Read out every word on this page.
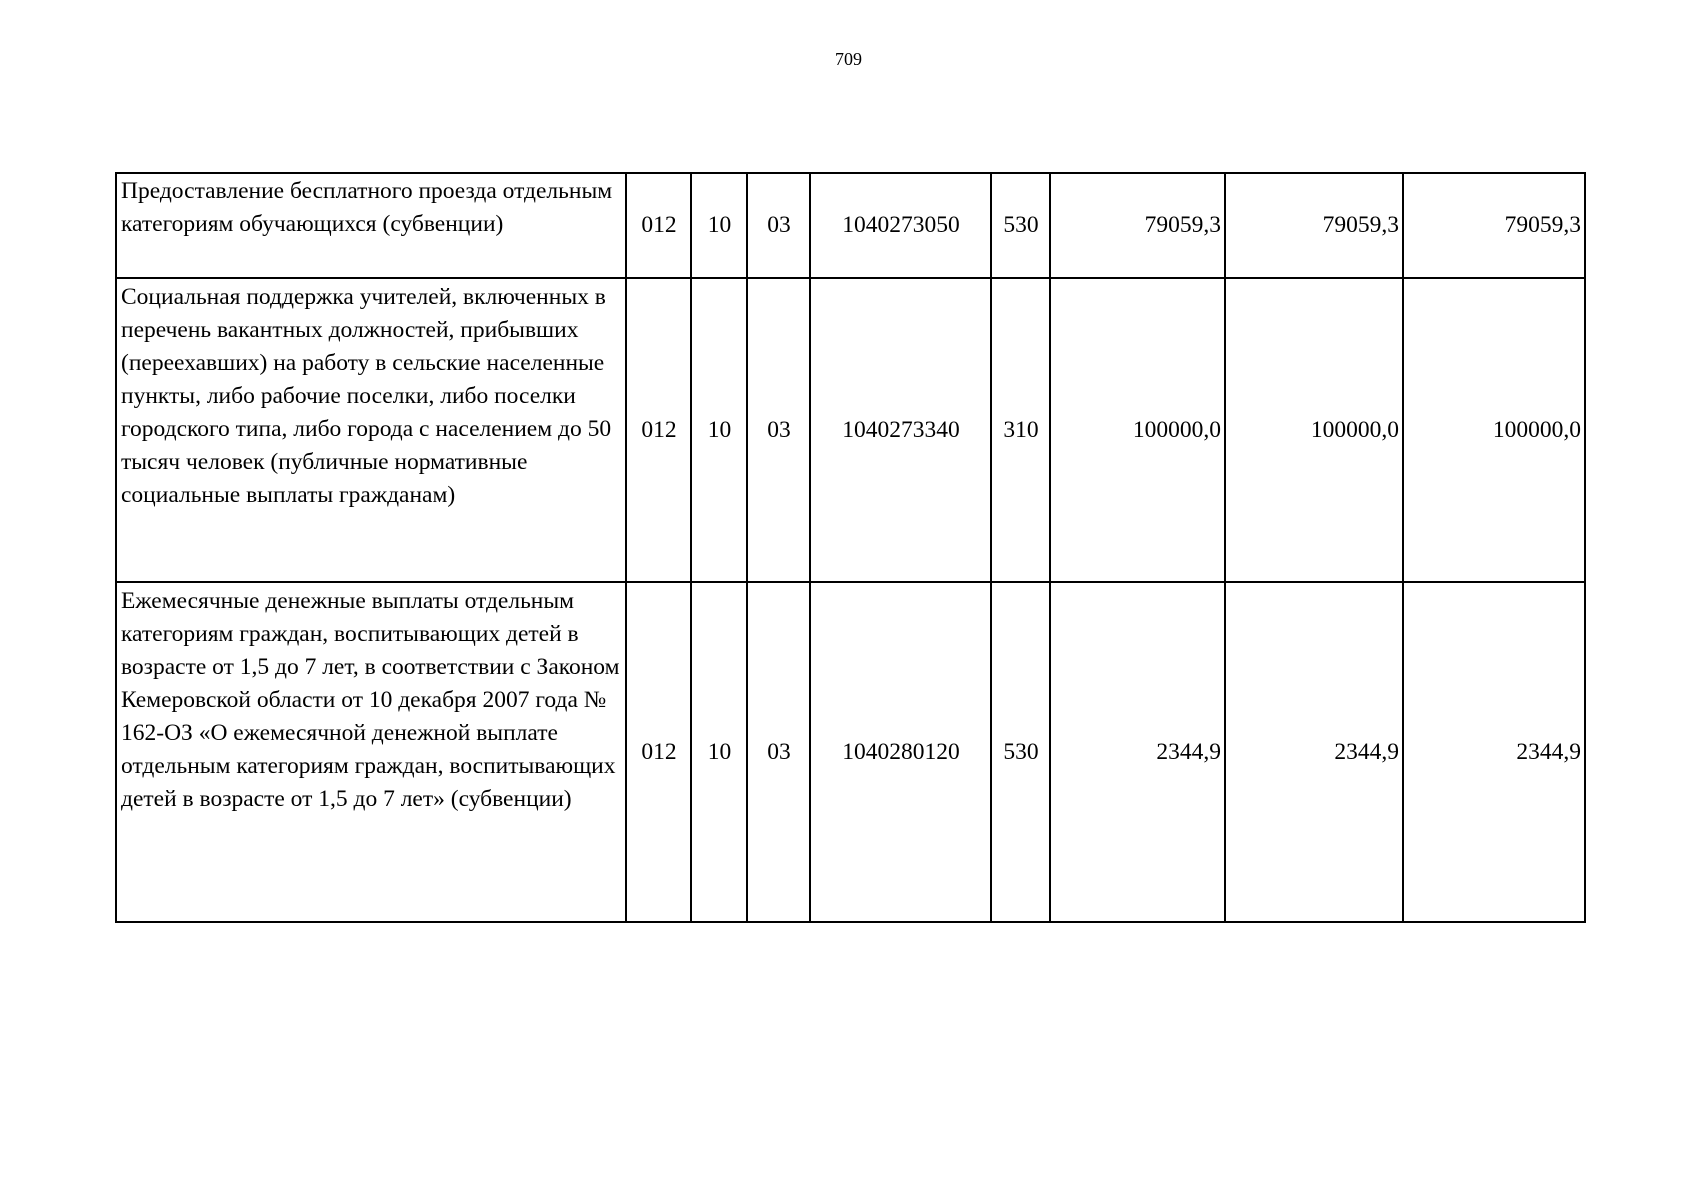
709
Предоставление бесплатного проезда отдельным категориям обучающихся (субвенции)	012	10	03	1040273050	530	79059,3	79059,3	79059,3
Социальная поддержка учителей, включенных в перечень вакантных должностей, прибывших (переехавших) на работу в сельские населенные пункты, либо рабочие поселки, либо поселки городского типа, либо города с населением до 50 тысяч человек (публичные нормативные социальные выплаты гражданам)	012	10	03	1040273340	310	100000,0	100000,0	100000,0
Ежемесячные денежные выплаты отдельным категориям граждан, воспитывающих детей в возрасте от 1,5 до 7 лет, в соответствии с Законом Кемеровской области от 10 декабря 2007 года № 162-ОЗ «О ежемесячной денежной выплате отдельным категориям граждан, воспитывающих детей в возрасте от 1,5 до 7 лет» (субвенции)	012	10	03	1040280120	530	2344,9	2344,9	2344,9
